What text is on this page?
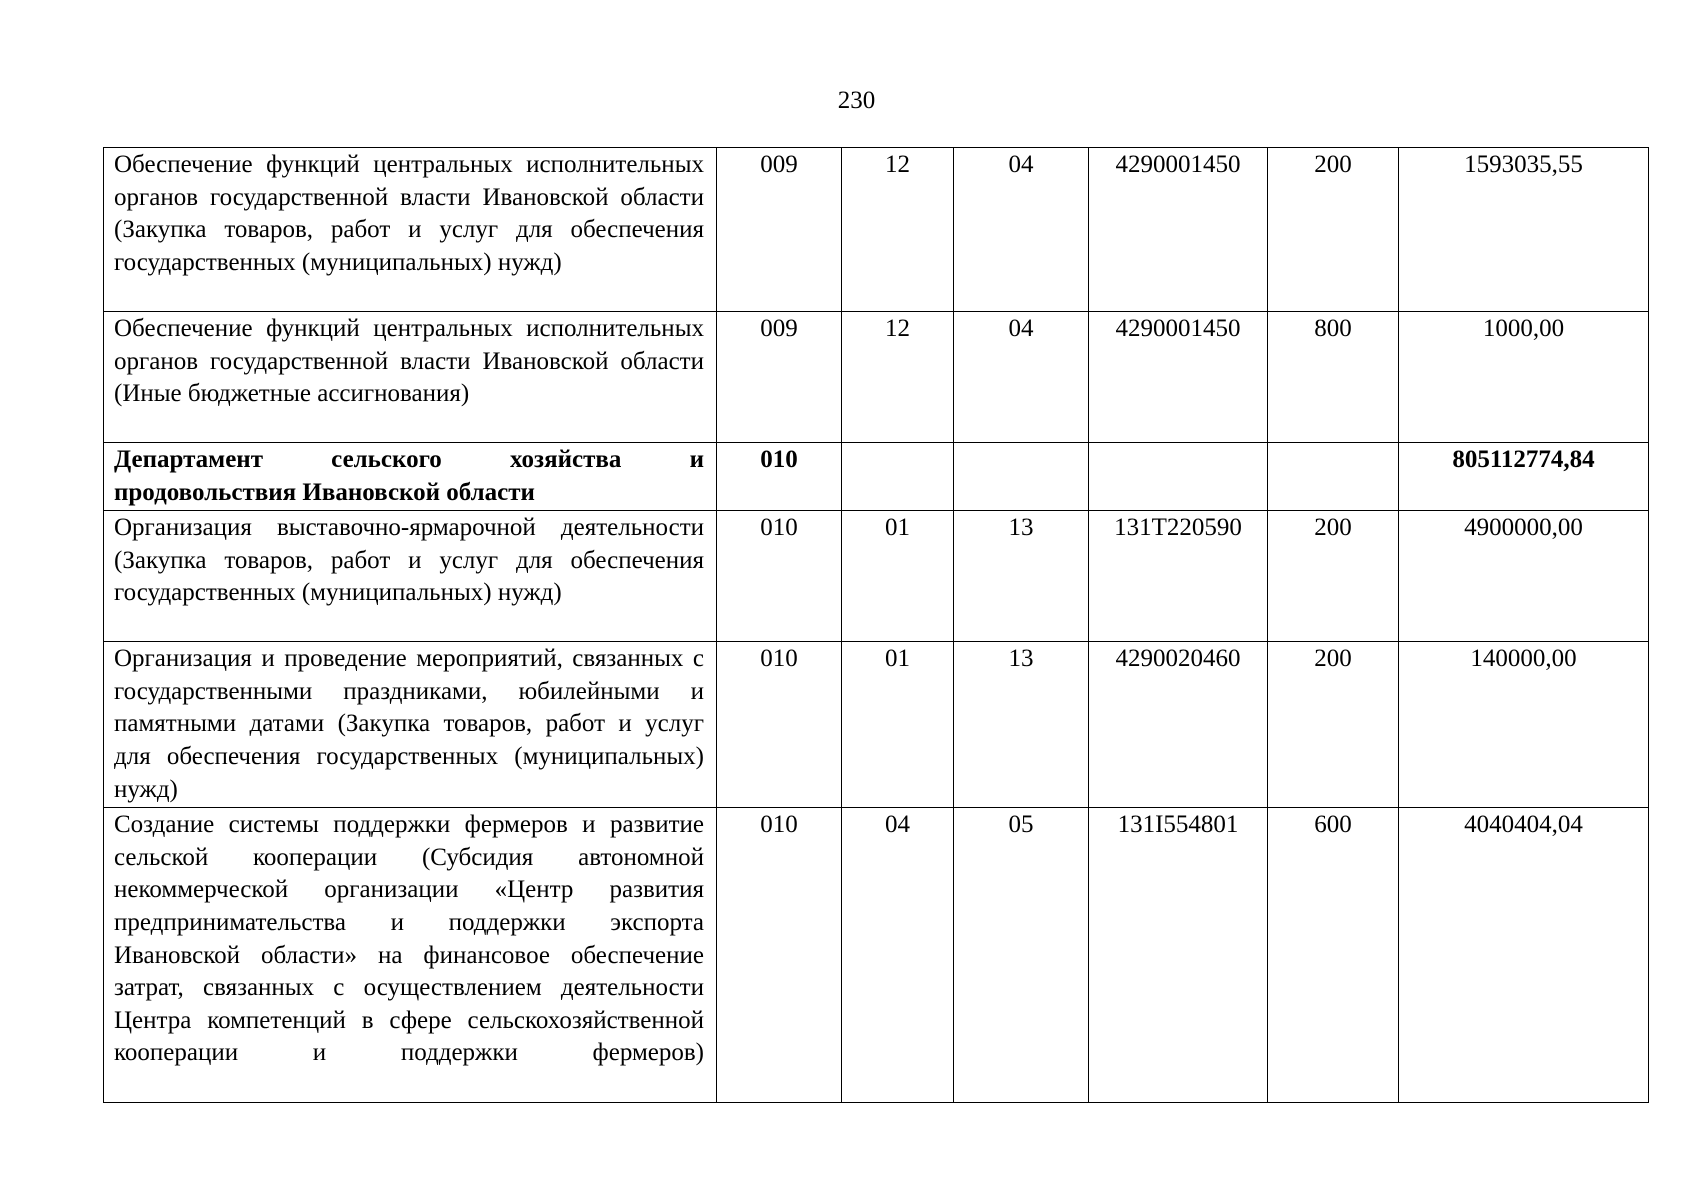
230
Обеспечение функций центральных исполнительных органов государственной власти Ивановской области (Закупка товаров, работ и услуг для обеспечения государственных (муниципальных) нужд)	009	12	04	4290001450	200	1593035,55
Обеспечение функций центральных исполнительных органов государственной власти Ивановской области (Иные бюджетные ассигнования)	009	12	04	4290001450	800	1000,00
Департамент сельского хозяйства и продовольствия Ивановской области	010					805112774,84
Организация выставочно-ярмарочной деятельности (Закупка товаров, работ и услуг для обеспечения государственных (муниципальных) нужд)	010	01	13	131Т220590	200	4900000,00
Организация и проведение мероприятий, связанных с государственными праздниками, юбилейными и памятными датами (Закупка товаров, работ и услуг для обеспечения государственных (муниципальных) нужд)	010	01	13	4290020460	200	140000,00
Создание системы поддержки фермеров и развитие сельской кооперации (Субсидия автономной некоммерческой организации «Центр развития предпринимательства и поддержки экспорта Ивановской области» на финансовое обеспечение затрат, связанных с осуществлением деятельности Центра компетенций в сфере сельскохозяйственной кооперации и поддержки фермеров)	010	04	05	131I554801	600	4040404,04
